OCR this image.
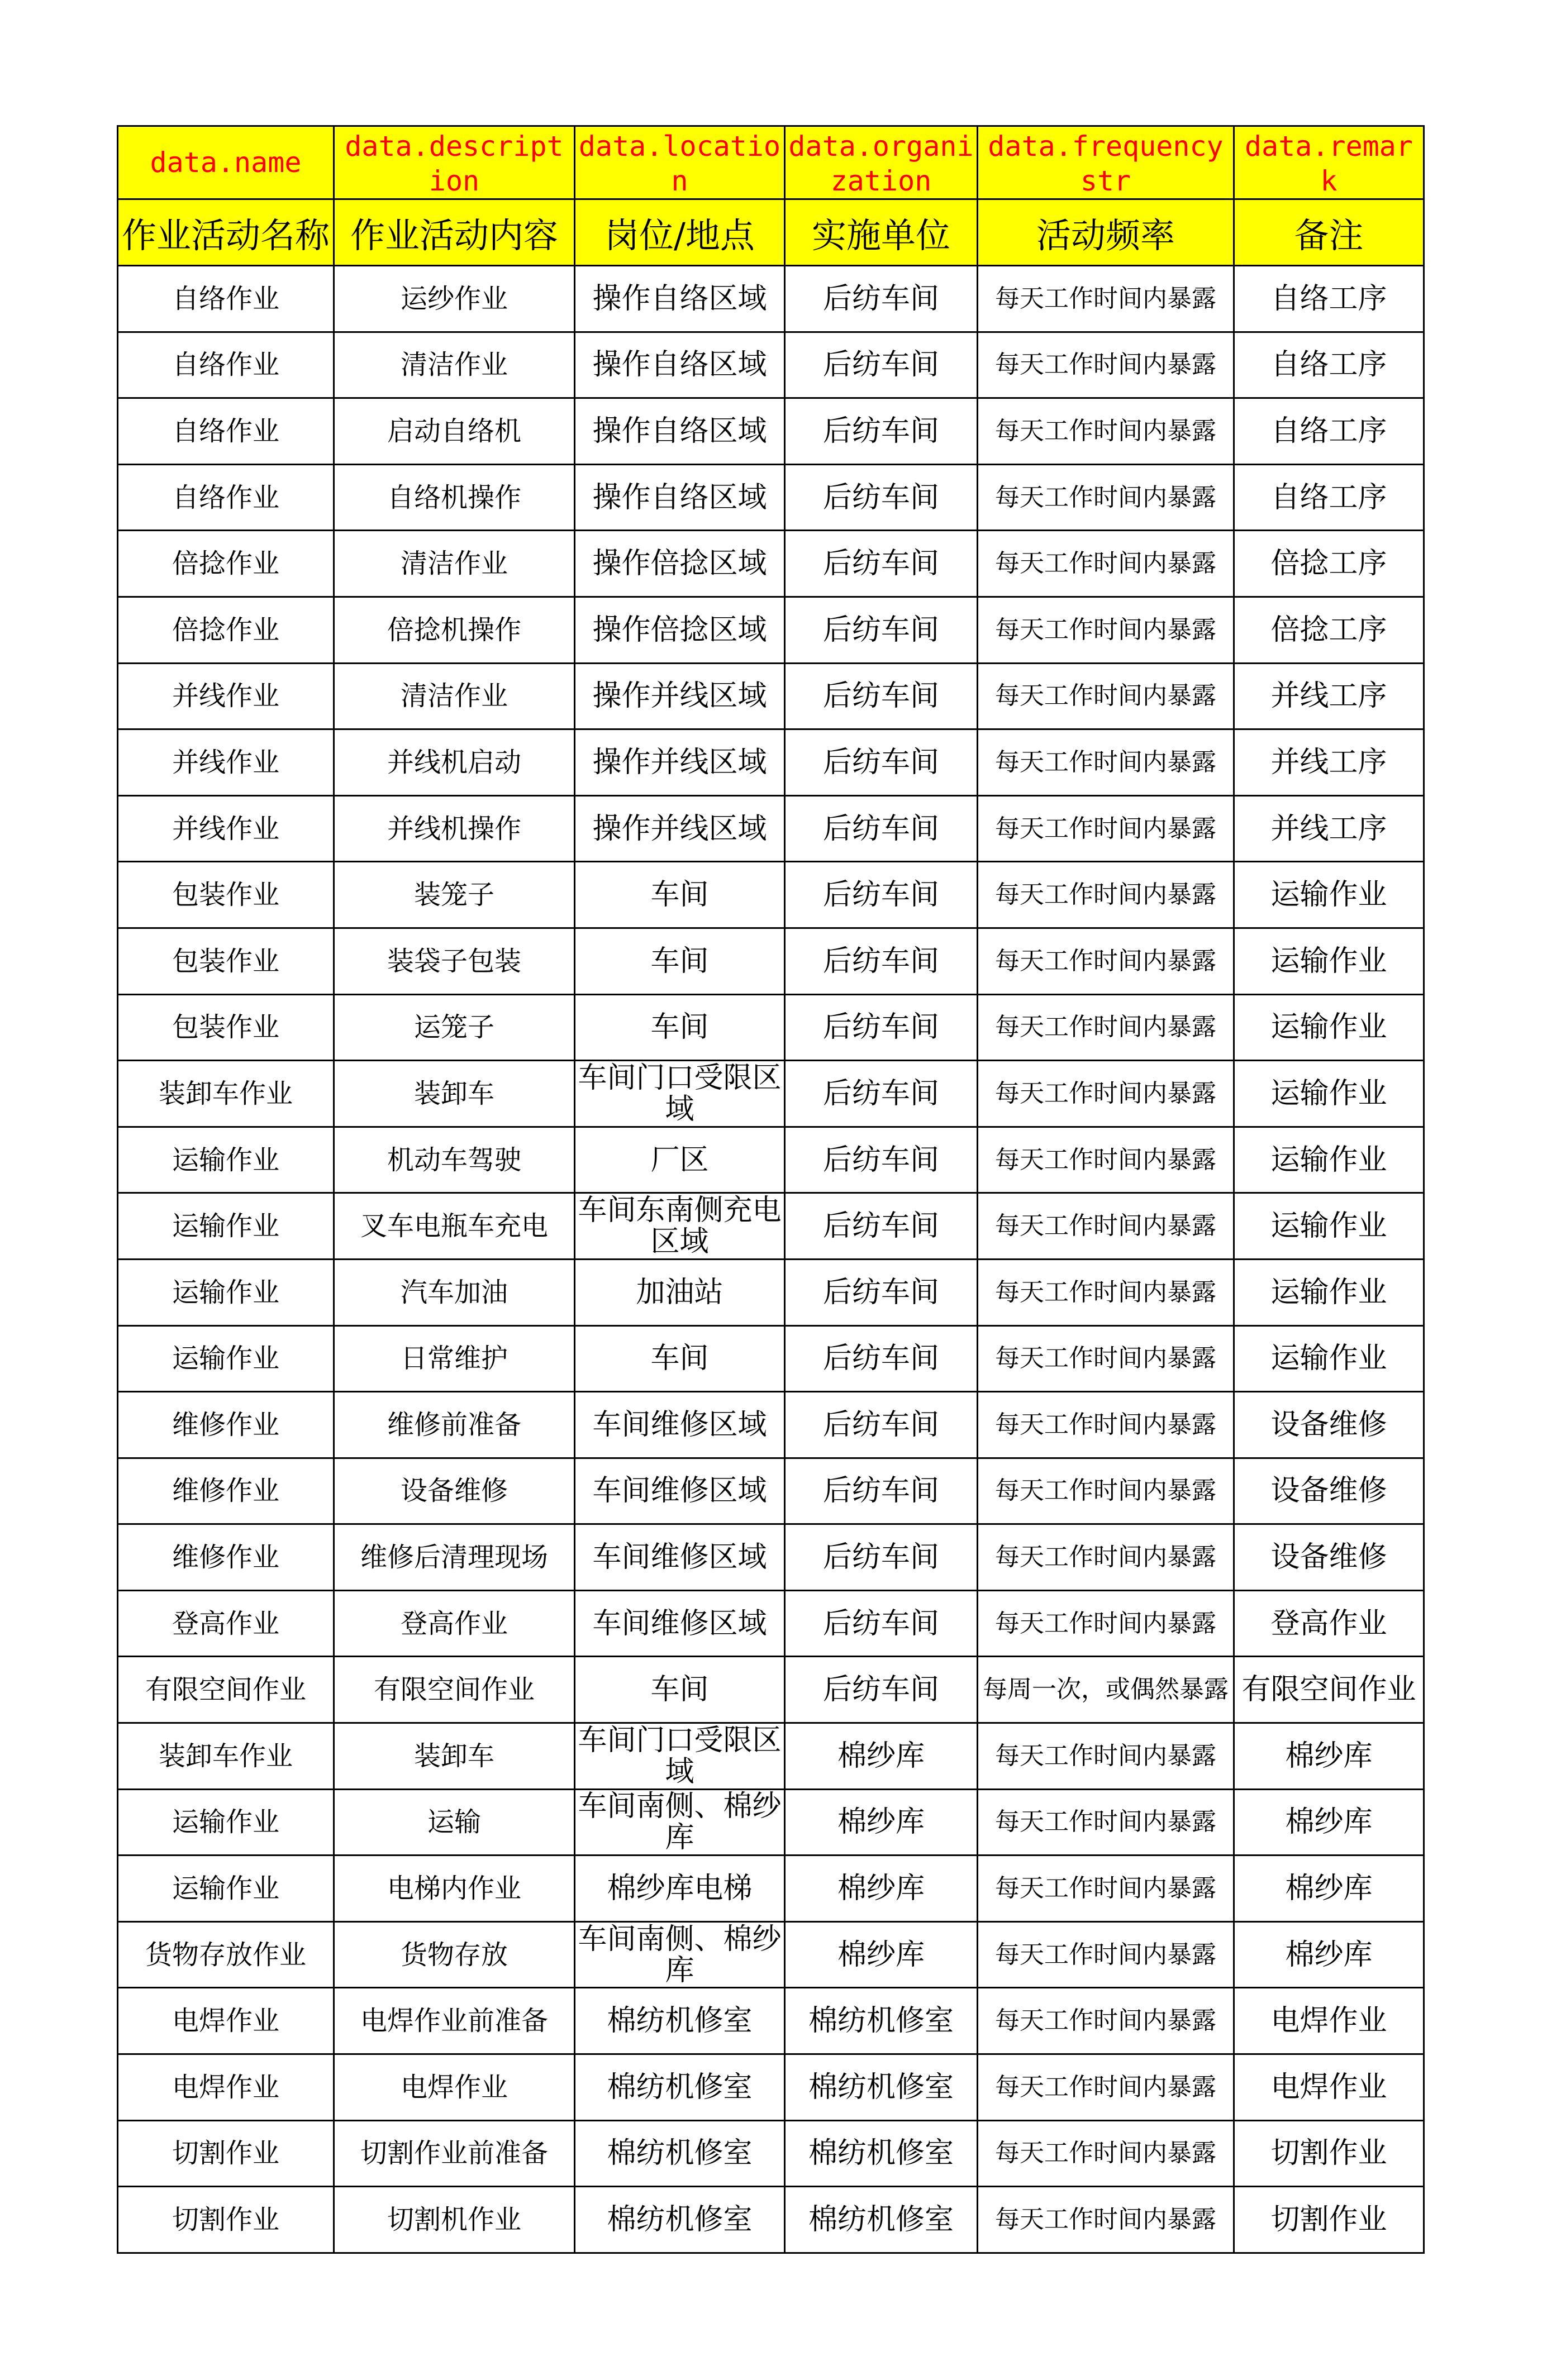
data.name	data.description	data.location	data.organization	data.frequencystr	data.remark
作业活动名称	作业活动内容	岗位/地点	实施单位	活动频率	备注
自络作业	运纱作业	操作自络区域	后纺车间	每天工作时间内暴露	自络工序
自络作业	清洁作业	操作自络区域	后纺车间	每天工作时间内暴露	自络工序
自络作业	启动自络机	操作自络区域	后纺车间	每天工作时间内暴露	自络工序
自络作业	自络机操作	操作自络区域	后纺车间	每天工作时间内暴露	自络工序
倍捻作业	清洁作业	操作倍捻区域	后纺车间	每天工作时间内暴露	倍捻工序
倍捻作业	倍捻机操作	操作倍捻区域	后纺车间	每天工作时间内暴露	倍捻工序
并线作业	清洁作业	操作并线区域	后纺车间	每天工作时间内暴露	并线工序
并线作业	并线机启动	操作并线区域	后纺车间	每天工作时间内暴露	并线工序
并线作业	并线机操作	操作并线区域	后纺车间	每天工作时间内暴露	并线工序
包装作业	装笼子	车间	后纺车间	每天工作时间内暴露	运输作业
包装作业	装袋子包装	车间	后纺车间	每天工作时间内暴露	运输作业
包装作业	运笼子	车间	后纺车间	每天工作时间内暴露	运输作业
装卸车作业	装卸车	车间门口受限区域	后纺车间	每天工作时间内暴露	运输作业
运输作业	机动车驾驶	厂区	后纺车间	每天工作时间内暴露	运输作业
运输作业	叉车电瓶车充电	车间东南侧充电区域	后纺车间	每天工作时间内暴露	运输作业
运输作业	汽车加油	加油站	后纺车间	每天工作时间内暴露	运输作业
运输作业	日常维护	车间	后纺车间	每天工作时间内暴露	运输作业
维修作业	维修前准备	车间维修区域	后纺车间	每天工作时间内暴露	设备维修
维修作业	设备维修	车间维修区域	后纺车间	每天工作时间内暴露	设备维修
维修作业	维修后清理现场	车间维修区域	后纺车间	每天工作时间内暴露	设备维修
登高作业	登高作业	车间维修区域	后纺车间	每天工作时间内暴露	登高作业
有限空间作业	有限空间作业	车间	后纺车间	每周一次，或偶然暴露	有限空间作业
装卸车作业	装卸车	车间门口受限区域	棉纱库	每天工作时间内暴露	棉纱库
运输作业	运输	车间南侧、棉纱库	棉纱库	每天工作时间内暴露	棉纱库
运输作业	电梯内作业	棉纱库电梯	棉纱库	每天工作时间内暴露	棉纱库
货物存放作业	货物存放	车间南侧、棉纱库	棉纱库	每天工作时间内暴露	棉纱库
电焊作业	电焊作业前准备	棉纺机修室	棉纺机修室	每天工作时间内暴露	电焊作业
电焊作业	电焊作业	棉纺机修室	棉纺机修室	每天工作时间内暴露	电焊作业
切割作业	切割作业前准备	棉纺机修室	棉纺机修室	每天工作时间内暴露	切割作业
切割作业	切割机作业	棉纺机修室	棉纺机修室	每天工作时间内暴露	切割作业
